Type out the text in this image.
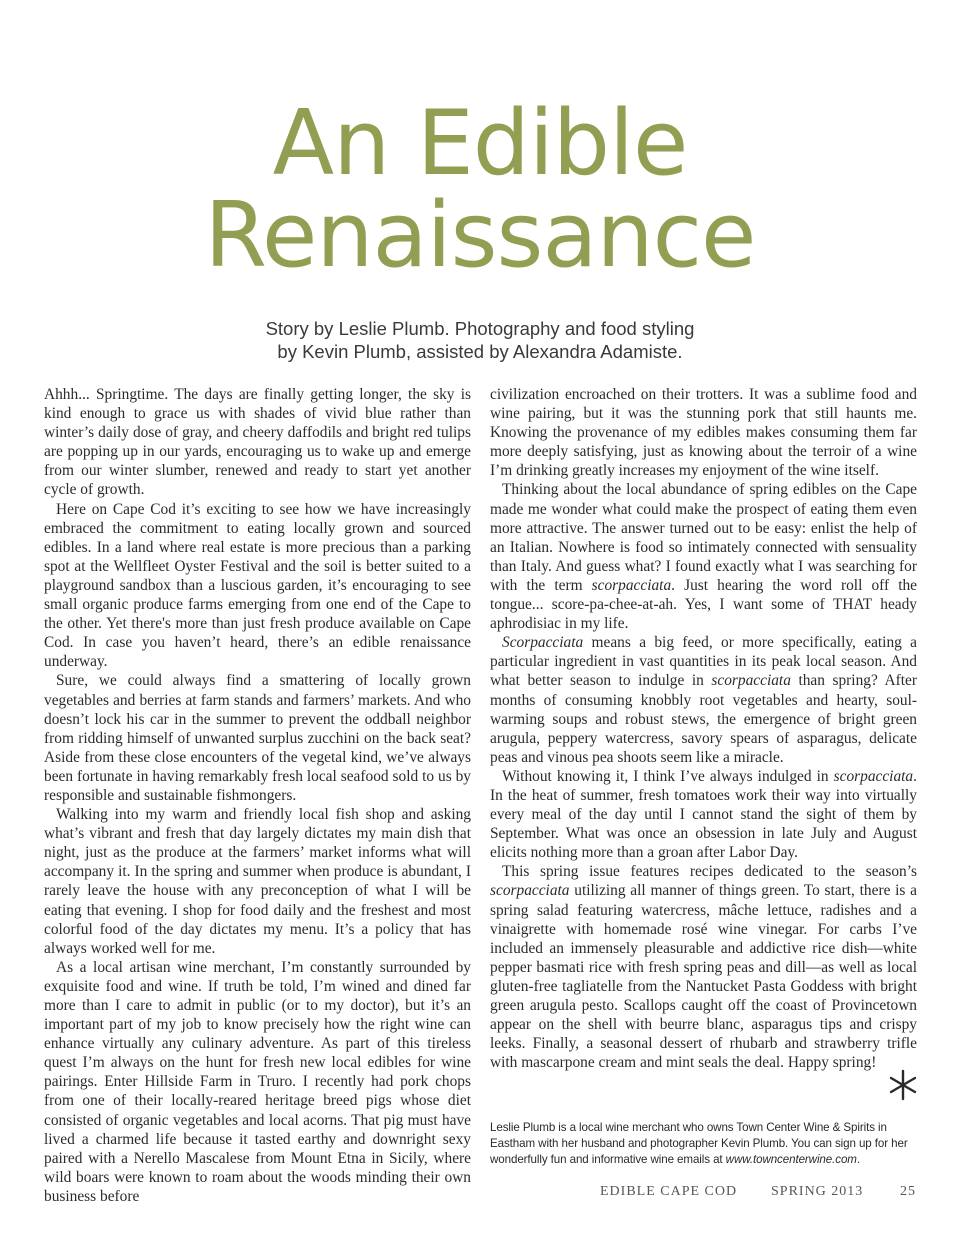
An Edible
Renaissance
Story by Leslie Plumb. Photography and food styling
by Kevin Plumb, assisted by Alexandra Adamiste.

Ahhh... Springtime. The days are finally getting longer, the sky is kind enough to grace us with shades of vivid blue rather than winter’s daily dose of gray, and cheery daffodils and bright red tulips are popping up in our yards, encouraging us to wake up and emerge from our winter slumber, renewed and ready to start yet another cycle of growth.

Here on Cape Cod it’s exciting to see how we have increasingly embraced the commitment to eating locally grown and sourced edibles. In a land where real estate is more precious than a parking spot at the Wellfleet Oyster Festival and the soil is better suited to a playground sandbox than a luscious garden, it’s encouraging to see small organic produce farms emerging from one end of the Cape to the other. Yet there's more than just fresh produce available on Cape Cod. In case you haven’t heard, there’s an edible renaissance underway.

Sure, we could always find a smattering of locally grown vegetables and berries at farm stands and farmers’ markets. And who doesn’t lock his car in the summer to prevent the oddball neighbor from ridding himself of unwanted surplus zucchini on the back seat? Aside from these close encounters of the vegetal kind, we’ve always been fortunate in having remarkably fresh local seafood sold to us by responsible and sustainable fishmongers.

Walking into my warm and friendly local fish shop and asking what’s vibrant and fresh that day largely dictates my main dish that night, just as the produce at the farmers’ market informs what will accompany it. In the spring and summer when produce is abundant, I rarely leave the house with any preconception of what I will be eating that evening. I shop for food daily and the freshest and most colorful food of the day dictates my menu. It’s a policy that has always worked well for me.

As a local artisan wine merchant, I’m constantly surrounded by exquisite food and wine. If truth be told, I’m wined and dined far more than I care to admit in public (or to my doctor), but it’s an important part of my job to know precisely how the right wine can enhance virtually any culinary adventure. As part of this tireless quest I’m always on the hunt for fresh new local edibles for wine pairings. Enter Hillside Farm in Truro. I recently had pork chops from one of their locally-reared heritage breed pigs whose diet consisted of organic vegetables and local acorns. That pig must have lived a charmed life because it tasted earthy and downright sexy paired with a Nerello Mascalese from Mount Etna in Sicily, where wild boars were known to roam about the woods minding their own business before

civilization encroached on their trotters. It was a sublime food and wine pairing, but it was the stunning pork that still haunts me. Knowing the provenance of my edibles makes consuming them far more deeply satisfying, just as knowing about the terroir of a wine I’m drinking greatly increases my enjoyment of the wine itself.

Thinking about the local abundance of spring edibles on the Cape made me wonder what could make the prospect of eating them even more attractive. The answer turned out to be easy: enlist the help of an Italian. Nowhere is food so intimately connected with sensuality than Italy. And guess what? I found exactly what I was searching for with the term scorpacciata. Just hearing the word roll off the tongue... score-pa-chee-at-ah. Yes, I want some of THAT heady aphrodisiac in my life.

Scorpacciata means a big feed, or more specifically, eating a particular ingredient in vast quantities in its peak local season. And what better season to indulge in scorpacciata than spring? After months of consuming knobbly root vegetables and hearty, soul-warming soups and robust stews, the emergence of bright green arugula, peppery watercress, savory spears of asparagus, delicate peas and vinous pea shoots seem like a miracle.

Without knowing it, I think I’ve always indulged in scorpacciata. In the heat of summer, fresh tomatoes work their way into virtually every meal of the day until I cannot stand the sight of them by September. What was once an obsession in late July and August elicits nothing more than a groan after Labor Day.

This spring issue features recipes dedicated to the season’s scorpacciata utilizing all manner of things green. To start, there is a spring salad featuring watercress, mâche lettuce, radishes and a vinaigrette with homemade rosé wine vinegar. For carbs I’ve included an immensely pleasurable and addictive rice dish—white pepper basmati rice with fresh spring peas and dill—as well as local gluten-free tagliatelle from the Nantucket Pasta Goddess with bright green arugula pesto. Scallops caught off the coast of Provincetown appear on the shell with beurre blanc, asparagus tips and crispy leeks. Finally, a seasonal dessert of rhubarb and strawberry trifle with mascarpone cream and mint seals the deal. Happy spring!

Leslie Plumb is a local wine merchant who owns Town Center Wine & Spirits in Eastham with her husband and photographer Kevin Plumb. You can sign up for her wonderfully fun and informative wine emails at www.towncenterwine.com.
EDIBLE CAPE COD SPRING 2013	25
